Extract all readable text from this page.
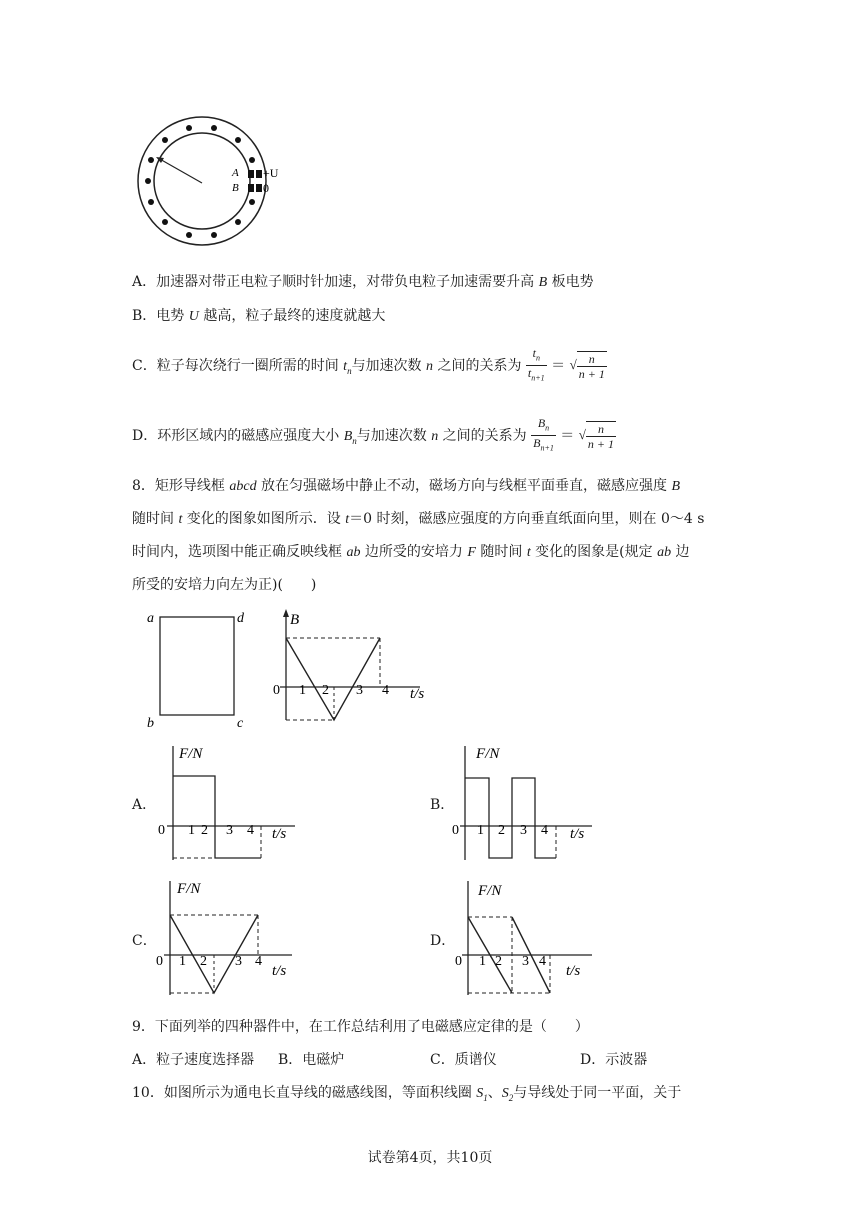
A
B
+U
0
A．加速器对带正电粒子顺时针加速，对带负电粒子加速需要升高 B 板电势
B．电势 U 越高，粒子最终的速度就越大
C．粒子每次绕行一圈所需的时间 $t_n$与加速次数 n 之间的关系为 $\frac{t_n}{t_{n+1}}$ ＝ √ $\frac{n}{n + 1}$
D．环形区域内的磁感应强度大小 $B_n$与加速次数 n 之间的关系为 $\frac{B_n}{B_{n+1}}$ ＝ √ $\frac{n}{n + 1}$
8．矩形导线框 abcd 放在匀强磁场中静止不动，磁场方向与线框平面垂直，磁感应强度 B
随时间 t 变化的图象如图所示．设 t＝0 时刻，磁感应强度的方向垂直纸面向里，则在 0～4 s
时间内，选项图中能正确反映线框 ab 边所受的安培力 F 随时间 t 变化的图象是(规定 ab 边
所受的安培力向左为正)(　　)
a	d
b	c
B
0 1 2 3 4 t/s
A．
F/N
0 1 2 3 4 t/s
B．
F/N
0 1 2 3 4 t/s
C．
F/N
0 1 2 3 4
t/s
D．
F/N
0 1 2 3 4
t/s
9．下面列举的四种器件中，在工作总结利用了电磁感应定律的是（　　）
A．粒子速度选择器 B．电磁炉	C．质谱仪	D．示波器
10．如图所示为通电长直导线的磁感线图，等面积线圈 $S_1$、$S_2$与导线处于同一平面，关于
试卷第4页，共10页
